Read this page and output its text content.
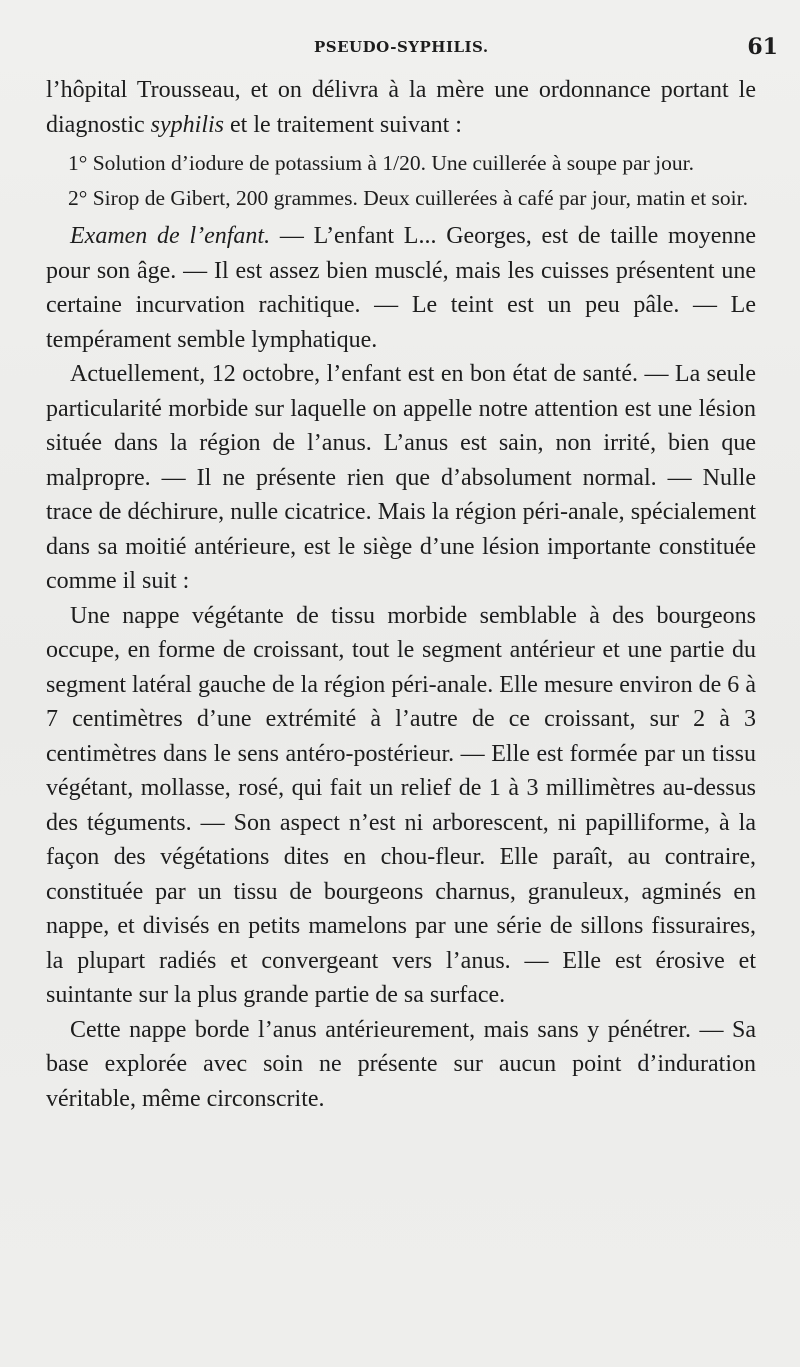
PSEUDO-SYPHILIS.	61

l’hôpital Trousseau, et on délivra à la mère une ordonnance portant le diagnostic syphilis et le traitement suivant :

1° Solution d’iodure de potassium à 1/20. Une cuillerée à soupe par jour.

2° Sirop de Gibert, 200 grammes. Deux cuillerées à café par jour, matin et soir.

Examen de l’enfant. — L’enfant L... Georges, est de taille moyenne pour son âge. — Il est assez bien musclé, mais les cuisses présentent une certaine incurvation rachitique. — Le teint est un peu pâle. — Le tempérament semble lymphatique.

Actuellement, 12 octobre, l’enfant est en bon état de santé. — La seule particularité morbide sur laquelle on appelle notre attention est une lésion située dans la région de l’anus. L’anus est sain, non irrité, bien que malpropre. — Il ne présente rien que d’absolument normal. — Nulle trace de déchirure, nulle cicatrice. Mais la région péri-anale, spécialement dans sa moitié antérieure, est le siège d’une lésion importante constituée comme il suit :

Une nappe végétante de tissu morbide semblable à des bourgeons occupe, en forme de croissant, tout le segment antérieur et une partie du segment latéral gauche de la région péri-anale. Elle mesure environ de 6 à 7 centimètres d’une extrémité à l’autre de ce croissant, sur 2 à 3 centimètres dans le sens antéro-postérieur. — Elle est formée par un tissu végétant, mollasse, rosé, qui fait un relief de 1 à 3 millimètres au-dessus des téguments. — Son aspect n’est ni arborescent, ni papilliforme, à la façon des végétations dites en chou-fleur. Elle paraît, au contraire, constituée par un tissu de bourgeons charnus, granuleux, agminés en nappe, et divisés en petits mamelons par une série de sillons fissuraires, la plupart radiés et convergeant vers l’anus. — Elle est érosive et suintante sur la plus grande partie de sa surface.

Cette nappe borde l’anus antérieurement, mais sans y pénétrer. — Sa base explorée avec soin ne présente sur aucun point d’induration véritable, même circonscrite.
